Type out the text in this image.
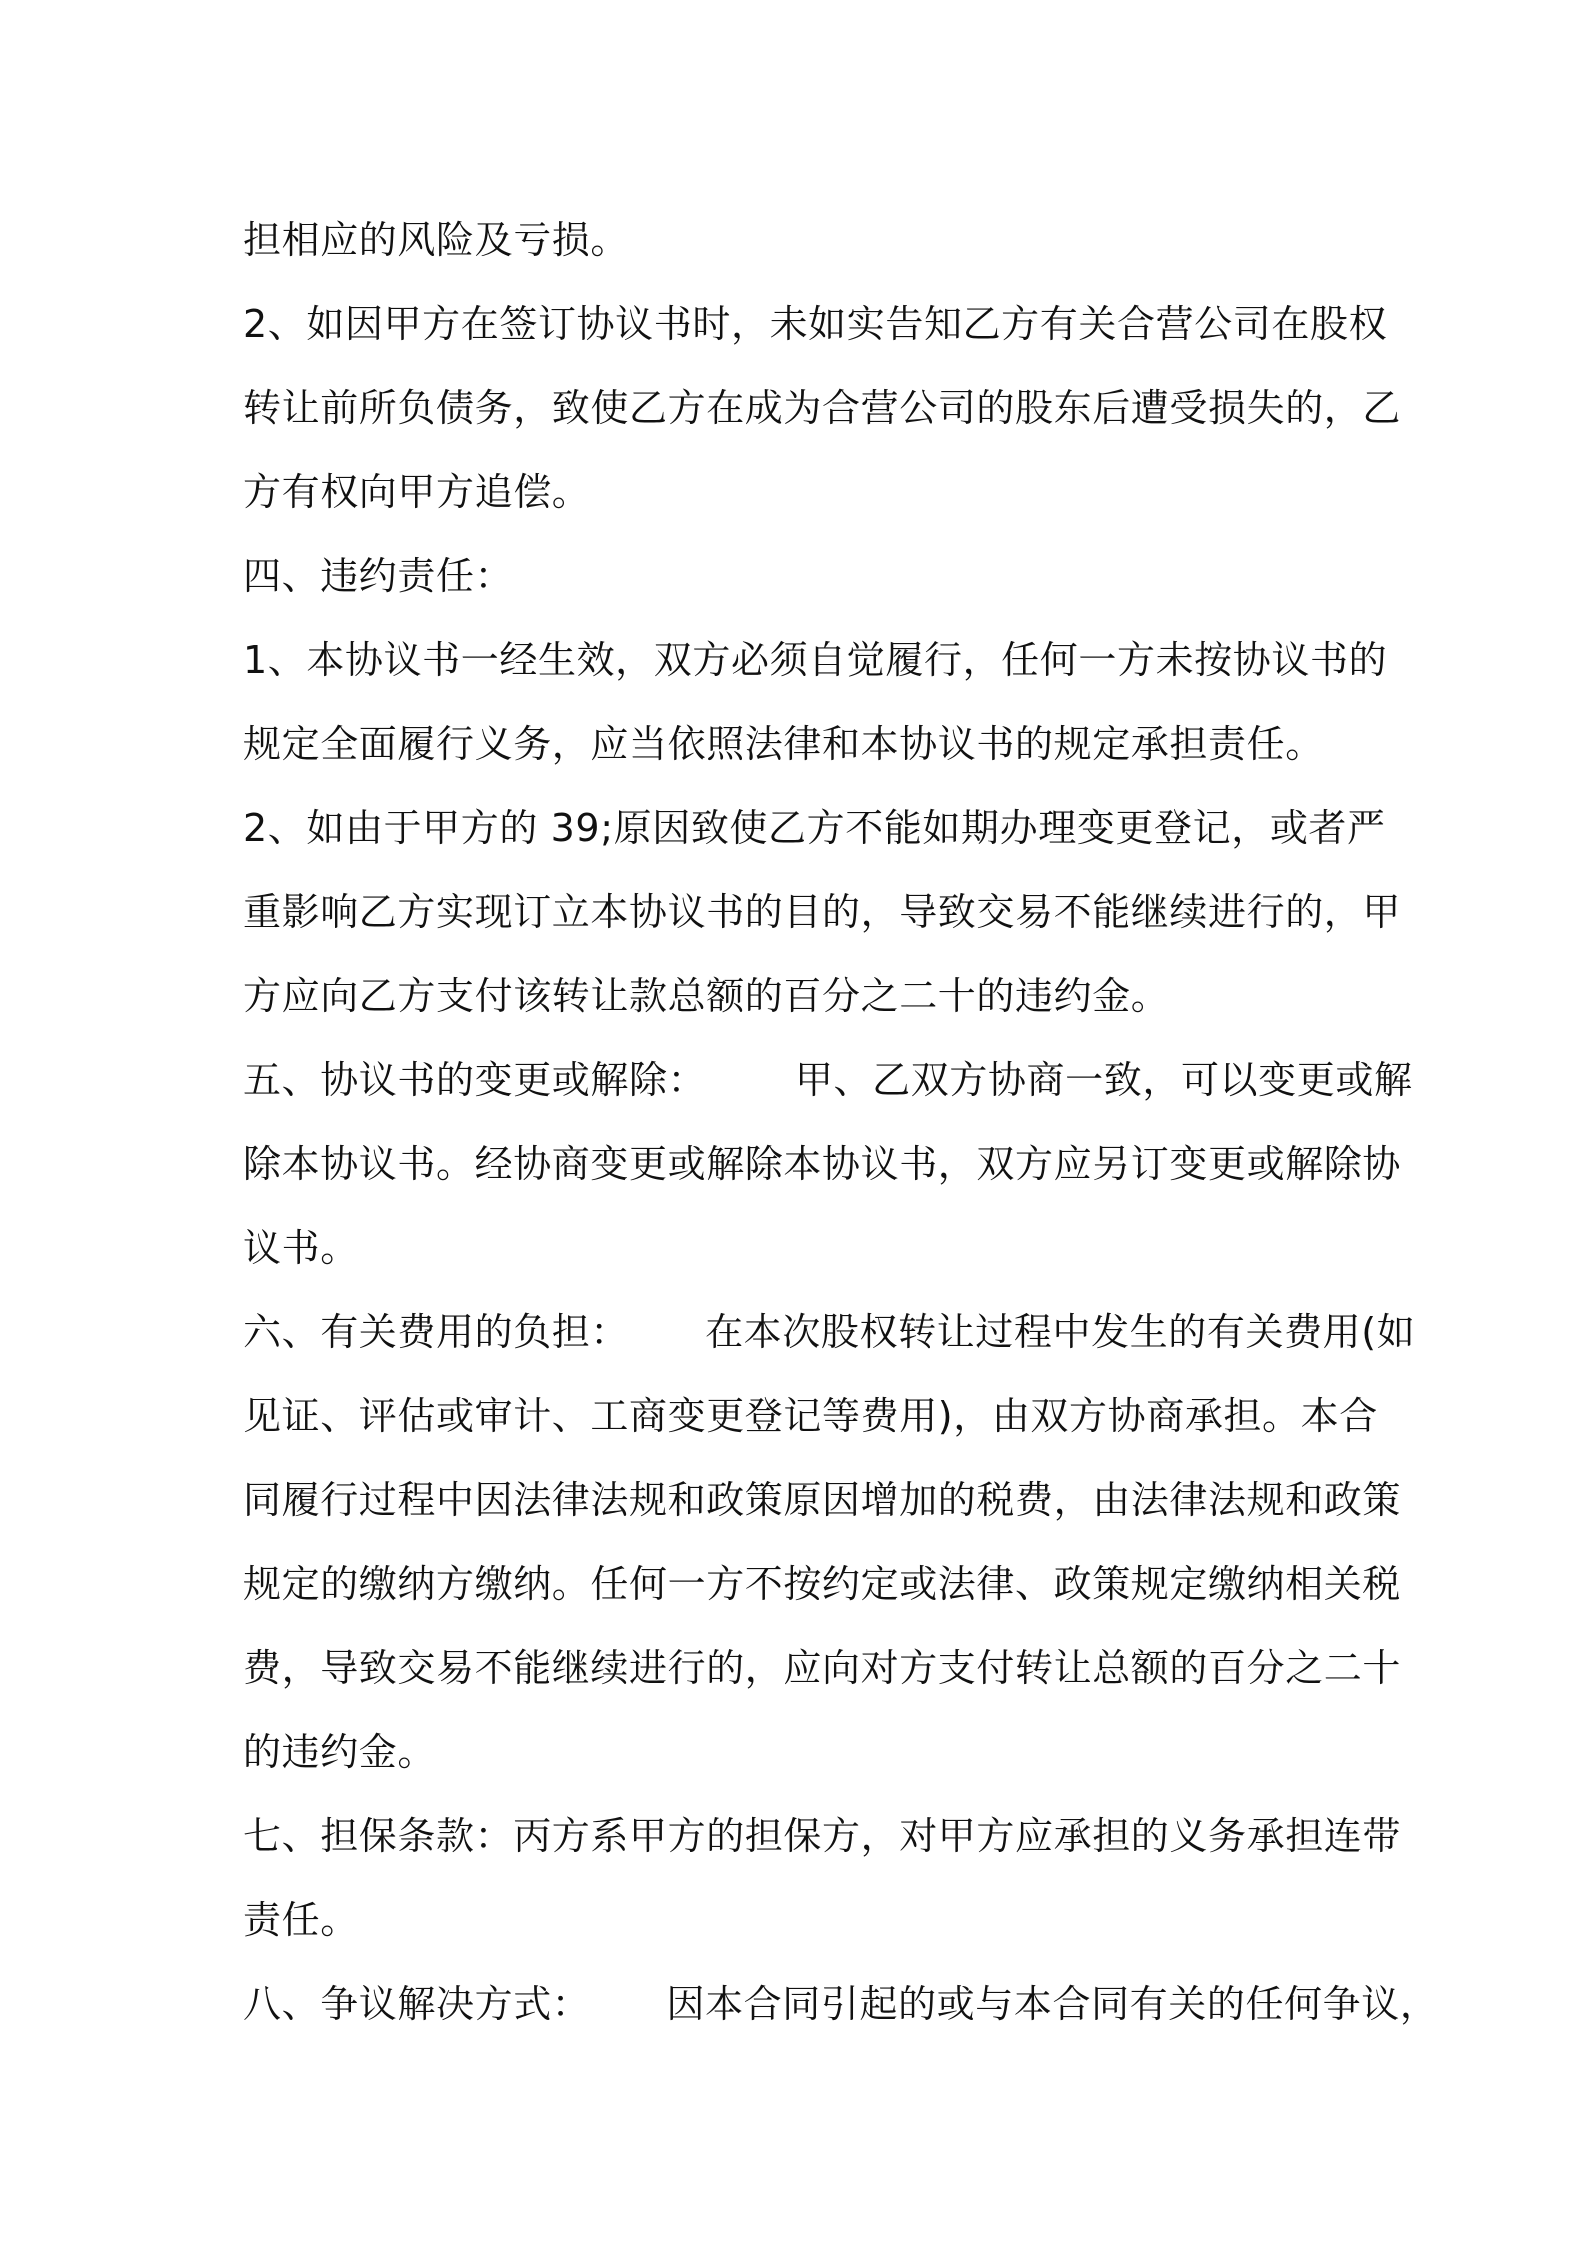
担相应的风险及亏损。
2、如因甲方在签订协议书时，未如实告知乙方有关合营公司在股权
转让前所负债务，致使乙方在成为合营公司的股东后遭受损失的，乙
方有权向甲方追偿。
四、违约责任：
1、本协议书一经生效，双方必须自觉履行，任何一方未按协议书的
规定全面履行义务，应当依照法律和本协议书的规定承担责任。
2、如由于甲方的 39;原因致使乙方不能如期办理变更登记，或者严
重影响乙方实现订立本协议书的目的，导致交易不能继续进行的，甲
方应向乙方支付该转让款总额的百分之二十的违约金。
五、协议书的变更或解除：       甲、乙双方协商一致，可以变更或解
除本协议书。经协商变更或解除本协议书，双方应另订变更或解除协
议书。
六、有关费用的负担：      在本次股权转让过程中发生的有关费用(如
见证、评估或审计、工商变更登记等费用)，由双方协商承担。本合
同履行过程中因法律法规和政策原因增加的税费，由法律法规和政策
规定的缴纳方缴纳。任何一方不按约定或法律、政策规定缴纳相关税
费，导致交易不能继续进行的，应向对方支付转让总额的百分之二十
的违约金。
七、担保条款：丙方系甲方的担保方，对甲方应承担的义务承担连带
责任。
八、争议解决方式：      因本合同引起的或与本合同有关的任何争议，
